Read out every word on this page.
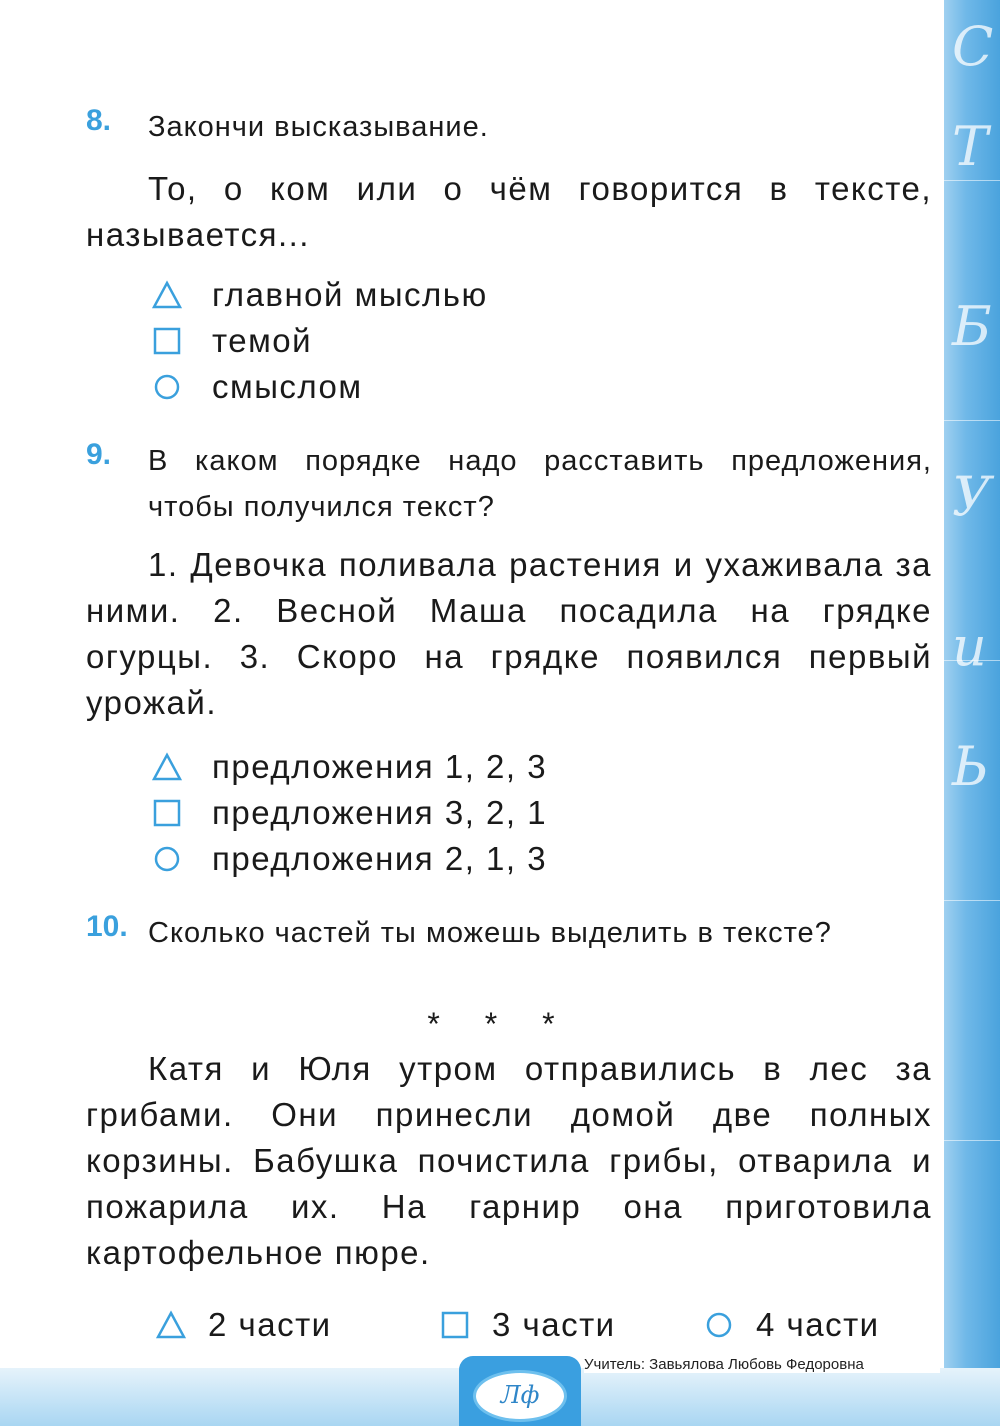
С
Т
Б
У
и
Ь
8. Закончи высказывание.
То, о ком или о чём говорится в тексте, называется...
главной мыслью
темой
смыслом
9. В каком порядке надо расставить предложения, чтобы получился текст?
1. Девочка поливала растения и ухаживала за ними. 2. Весной Маша посадила на грядке огурцы. 3. Скоро на грядке появился первый урожай.
предложения 1, 2, 3
предложения 3, 2, 1
предложения 2, 1, 3
10. Сколько частей ты можешь выделить в тексте?
* * *
Катя и Юля утром отправились в лес за грибами. Они принесли домой две полных корзины. Бабушка почистила грибы, отварила и пожарила их. На гарнир она приготовила картофельное пюре.
2 части	3 части	4 части
Лф
Учитель: Завьялова Любовь Федоровна
